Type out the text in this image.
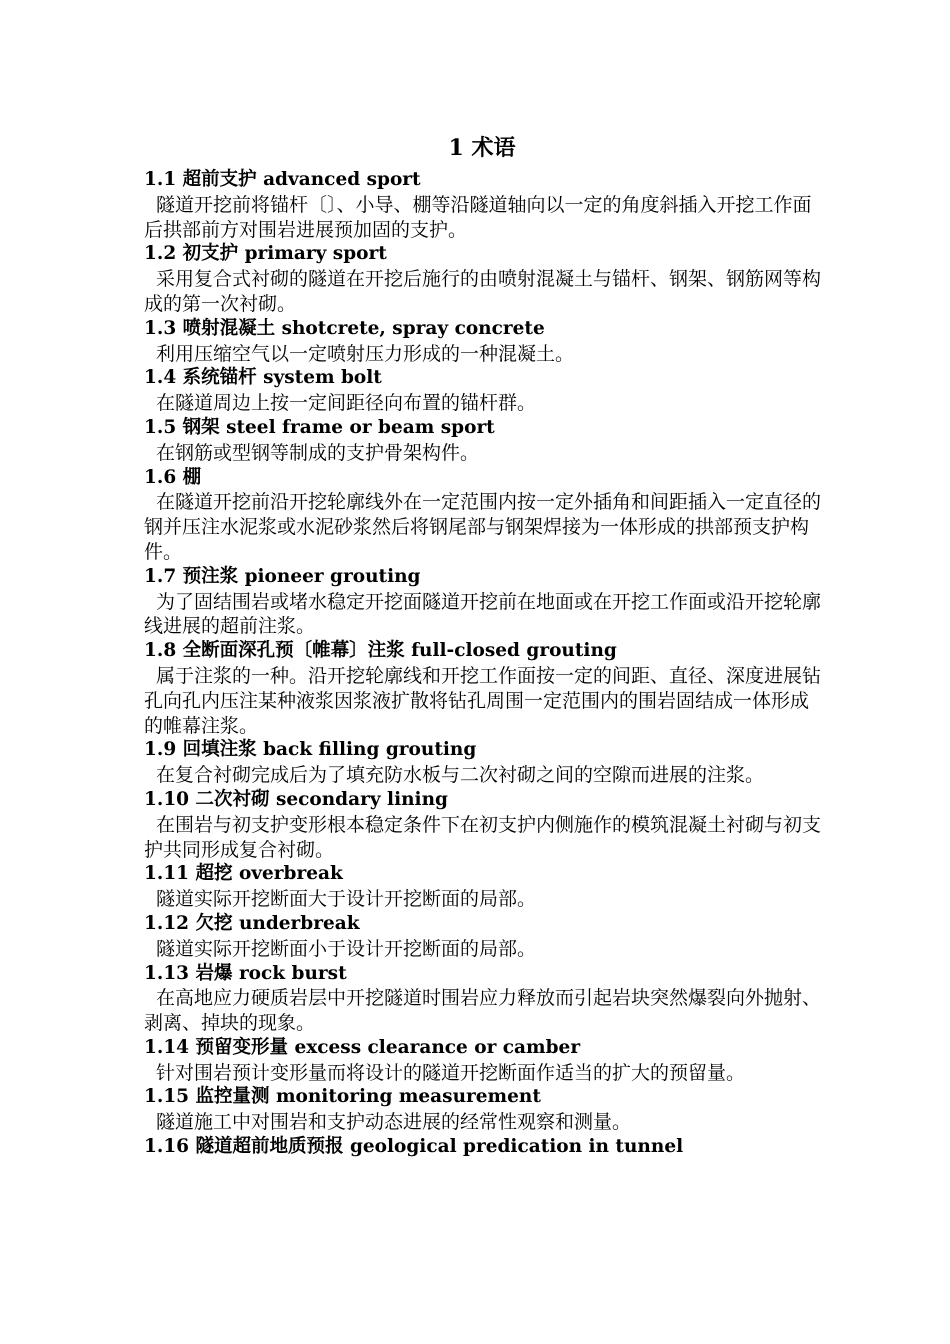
1 术语
1.1 超前支护 advanced sport
隧道开挖前将锚杆〔〕、小导、棚等沿隧道轴向以一定的角度斜插入开挖工作面后拱部前方对围岩进展预加固的支护。
1.2 初支护 primary sport
采用复合式衬砌的隧道在开挖后施行的由喷射混凝土与锚杆、钢架、钢筋网等构成的第一次衬砌。
1.3 喷射混凝土 shotcrete, spray concrete
利用压缩空气以一定喷射压力形成的一种混凝土。
1.4 系统锚杆 system bolt
在隧道周边上按一定间距径向布置的锚杆群。
1.5 钢架 steel frame or beam sport
在钢筋或型钢等制成的支护骨架构件。
1.6 棚
在隧道开挖前沿开挖轮廓线外在一定范围内按一定外插角和间距插入一定直径的钢并压注水泥浆或水泥砂浆然后将钢尾部与钢架焊接为一体形成的拱部预支护构件。
1.7 预注浆 pioneer grouting
为了固结围岩或堵水稳定开挖面隧道开挖前在地面或在开挖工作面或沿开挖轮廓线进展的超前注浆。
1.8 全断面深孔预〔帷幕〕注浆 full-closed grouting
属于注浆的一种。沿开挖轮廓线和开挖工作面按一定的间距、直径、深度进展钻孔向孔内压注某种液浆因浆液扩散将钻孔周围一定范围内的围岩固结成一体形成的帷幕注浆。
1.9 回填注浆 back filling grouting
在复合衬砌完成后为了填充防水板与二次衬砌之间的空隙而进展的注浆。
1.10 二次衬砌 secondary lining
在围岩与初支护变形根本稳定条件下在初支护内侧施作的模筑混凝土衬砌与初支护共同形成复合衬砌。
1.11 超挖 overbreak
隧道实际开挖断面大于设计开挖断面的局部。
1.12 欠挖 underbreak
隧道实际开挖断面小于设计开挖断面的局部。
1.13 岩爆 rock burst
在高地应力硬质岩层中开挖隧道时围岩应力释放而引起岩块突然爆裂向外抛射、剥离、掉块的现象。
1.14 预留变形量 excess clearance or camber
针对围岩预计变形量而将设计的隧道开挖断面作适当的扩大的预留量。
1.15 监控量测 monitoring measurement
隧道施工中对围岩和支护动态进展的经常性观察和测量。
1.16 隧道超前地质预报 geological predication in tunnel
